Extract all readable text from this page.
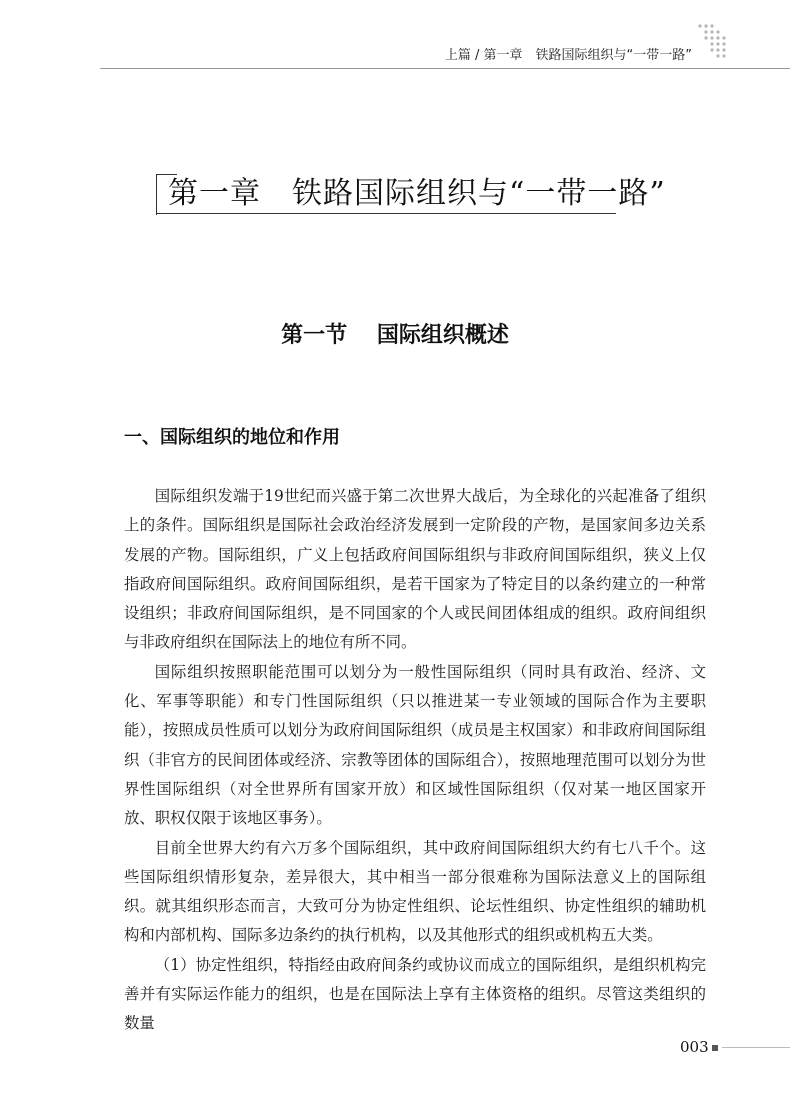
上篇 / 第一章　铁路国际组织与“一带一路”
第一章　铁路国际组织与“一带一路”
第一节　 国际组织概述
一、国际组织的地位和作用

国际组织发端于19世纪而兴盛于第二次世界大战后，为全球化的兴起准备了组织上的条件。国际组织是国际社会政治经济发展到一定阶段的产物，是国家间多边关系发展的产物。国际组织，广义上包括政府间国际组织与非政府间国际组织，狭义上仅指政府间国际组织。政府间国际组织，是若干国家为了特定目的以条约建立的一种常设组织；非政府间国际组织，是不同国家的个人或民间团体组成的组织。政府间组织与非政府组织在国际法上的地位有所不同。

国际组织按照职能范围可以划分为一般性国际组织（同时具有政治、经济、文化、军事等职能）和专门性国际组织（只以推进某一专业领域的国际合作为主要职能），按照成员性质可以划分为政府间国际组织（成员是主权国家）和非政府间国际组织（非官方的民间团体或经济、宗教等团体的国际组合），按照地理范围可以划分为世界性国际组织（对全世界所有国家开放）和区域性国际组织（仅对某一地区国家开放、职权仅限于该地区事务）。

目前全世界大约有六万多个国际组织，其中政府间国际组织大约有七八千个。这些国际组织情形复杂，差异很大，其中相当一部分很难称为国际法意义上的国际组织。就其组织形态而言，大致可分为协定性组织、论坛性组织、协定性组织的辅助机构和内部机构、国际多边条约的执行机构，以及其他形式的组织或机构五大类。

（1）协定性组织，特指经由政府间条约或协议而成立的国际组织，是组织机构完善并有实际运作能力的组织，也是在国际法上享有主体资格的组织。尽管这类组织的数量

003
